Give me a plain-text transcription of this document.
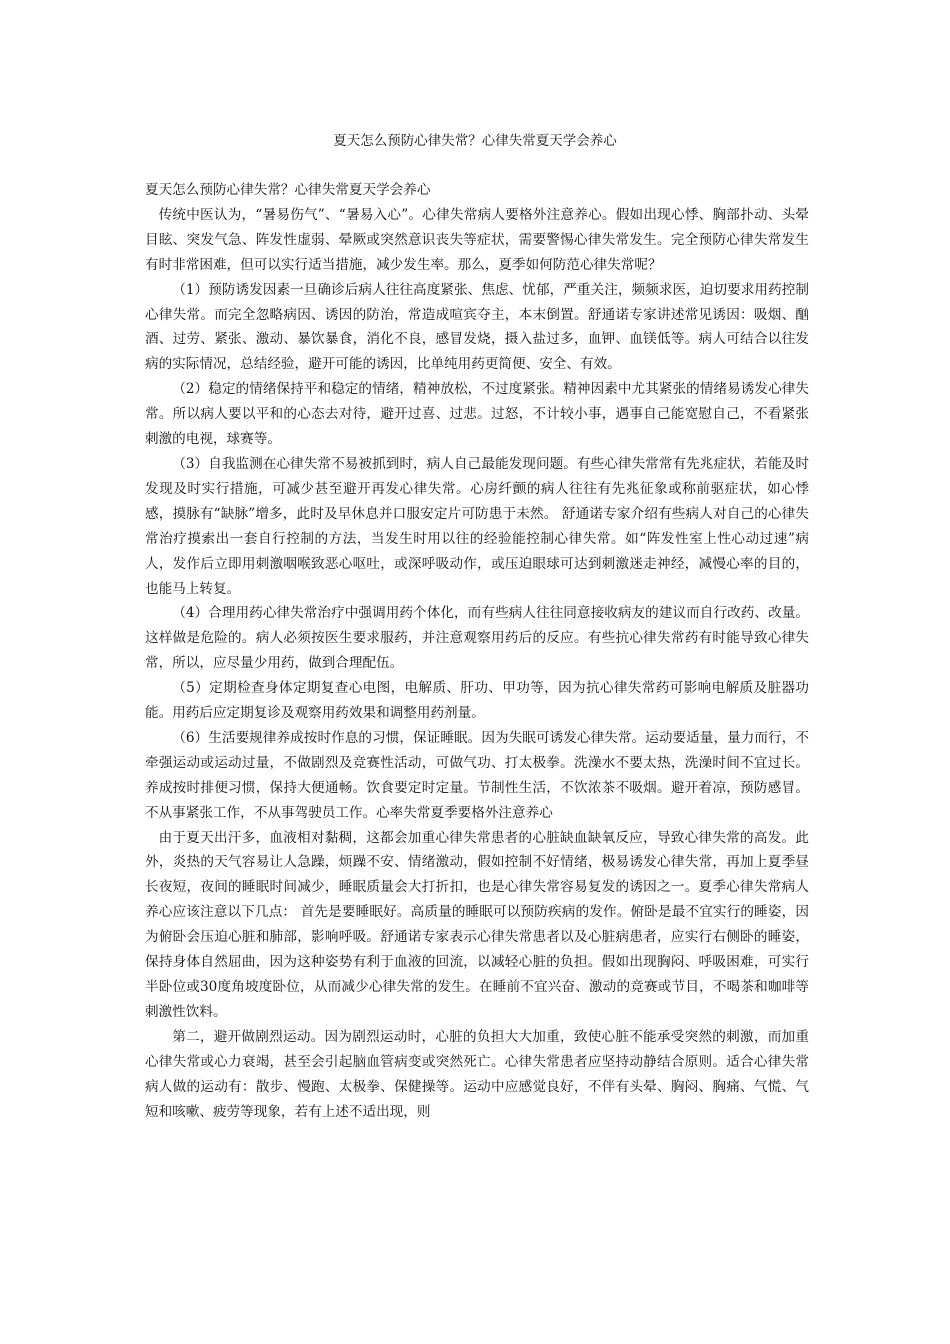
夏天怎么预防心律失常？心律失常夏天学会养心

夏天怎么预防心律失常？心律失常夏天学会养心

传统中医认为，“暑易伤气”、“暑易入心”。心律失常病人要格外注意养心。假如出现心悸、胸部扑动、头晕目眩、突发气急、阵发性虚弱、晕厥或突然意识丧失等症状，需要警惕心律失常发生。完全预防心律失常发生有时非常困难，但可以实行适当措施，减少发生率。那么，夏季如何防范心律失常呢？

（1）预防诱发因素一旦确诊后病人往往高度紧张、焦虑、忧郁，严重关注，频频求医，迫切要求用药控制心律失常。而完全忽略病因、诱因的防治，常造成喧宾夺主，本末倒置。舒通诺专家讲述常见诱因：吸烟、酗酒、过劳、紧张、激动、暴饮暴食，消化不良，感冒发烧，摄入盐过多，血钾、血镁低等。病人可结合以往发病的实际情况，总结经验，避开可能的诱因，比单纯用药更简便、安全、有效。

（2）稳定的情绪保持平和稳定的情绪，精神放松，不过度紧张。精神因素中尤其紧张的情绪易诱发心律失常。所以病人要以平和的心态去对待，避开过喜、过悲。过怒，不计较小事，遇事自己能宽慰自己，不看紧张刺激的电视，球赛等。

（3）自我监测在心律失常不易被抓到时，病人自己最能发现问题。有些心律失常常有先兆症状，若能及时发现及时实行措施，可减少甚至避开再发心律失常。心房纤颤的病人往往有先兆征象或称前驱症状，如心悸感，摸脉有“缺脉”增多，此时及早休息并口服安定片可防患于未然。 舒通诺专家介绍有些病人对自己的心律失常治疗摸索出一套自行控制的方法，当发生时用以往的经验能控制心律失常。如“阵发性室上性心动过速”病人，发作后立即用刺激咽喉致恶心呕吐，或深呼吸动作，或压迫眼球可达到刺激迷走神经，减慢心率的目的，也能马上转复。

（4）合理用药心律失常治疗中强调用药个体化，而有些病人往往同意接收病友的建议而自行改药、改量。这样做是危险的。病人必须按医生要求服药，并注意观察用药后的反应。有些抗心律失常药有时能导致心律失常，所以，应尽量少用药，做到合理配伍。

（5）定期检查身体定期复查心电图，电解质、肝功、甲功等，因为抗心律失常药可影响电解质及脏器功能。用药后应定期复诊及观察用药效果和调整用药剂量。

（6）生活要规律养成按时作息的习惯，保证睡眠。因为失眠可诱发心律失常。运动要适量，量力而行，不牵强运动或运动过量，不做剧烈及竞赛性活动，可做气功、打太极拳。洗澡水不要太热，洗澡时间不宜过长。养成按时排便习惯，保持大便通畅。饮食要定时定量。节制性生活，不饮浓茶不吸烟。避开着凉，预防感冒。不从事紧张工作，不从事驾驶员工作。心率失常夏季要格外注意养心

由于夏天出汗多，血液相对黏稠，这都会加重心律失常患者的心脏缺血缺氧反应，导致心律失常的高发。此外，炎热的天气容易让人急躁，烦躁不安、情绪激动，假如控制不好情绪，极易诱发心律失常，再加上夏季昼长夜短，夜间的睡眠时间减少，睡眠质量会大打折扣，也是心律失常容易复发的诱因之一。夏季心律失常病人养心应该注意以下几点： 首先是要睡眠好。高质量的睡眠可以预防疾病的发作。俯卧是最不宜实行的睡姿，因为俯卧会压迫心脏和肺部，影响呼吸。舒通诺专家表示心律失常患者以及心脏病患者，应实行右侧卧的睡姿，保持身体自然屈曲，因为这种姿势有利于血液的回流，以减轻心脏的负担。假如出现胸闷、呼吸困难，可实行半卧位或30度角坡度卧位，从而减少心律失常的发生。在睡前不宜兴奋、激动的竞赛或节目，不喝茶和咖啡等刺激性饮料。

第二，避开做剧烈运动。因为剧烈运动时，心脏的负担大大加重，致使心脏不能承受突然的刺激，而加重心律失常或心力衰竭，甚至会引起脑血管病变或突然死亡。心律失常患者应坚持动静结合原则。适合心律失常病人做的运动有：散步、慢跑、太极拳、保健操等。运动中应感觉良好，不伴有头晕、胸闷、胸痛、气慌、气短和咳嗽、疲劳等现象，若有上述不适出现，则
